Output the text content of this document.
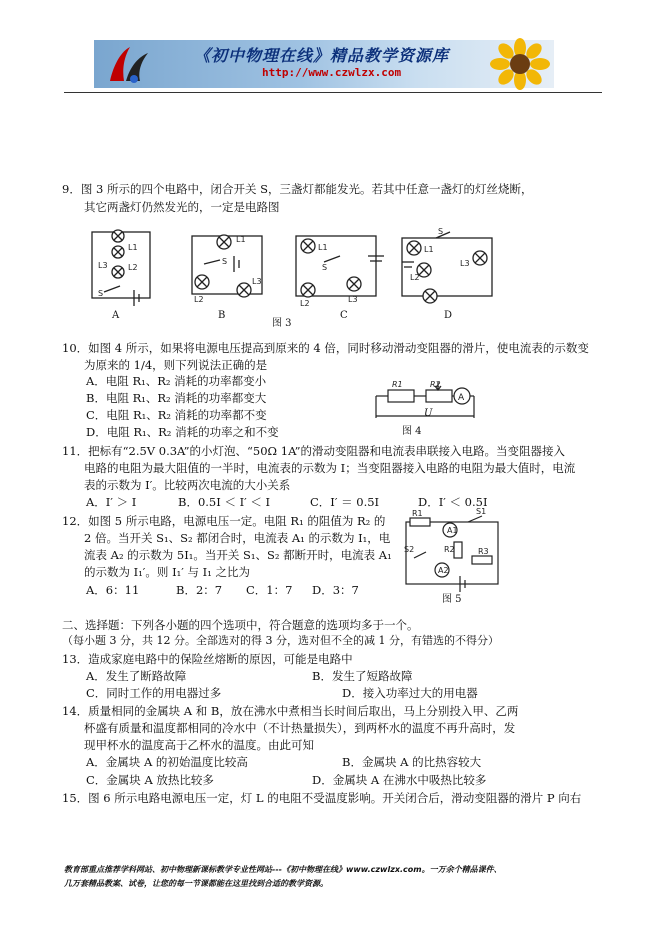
《初中物理在线》精品教学资源库
http://www.czwlzx.com
9．图 3 所示的四个电路中，闭合开关 S，三盏灯都能发光。若其中任意一盏灯的灯丝烧断，
其它两盏灯仍然发光的，一定是电路图
L1
L2
L3
S
S
L2
L3
L1
L1
L2	L3
S
L1
L2
L3
S
A	B	C	D
图 3
10．如图 4 所示，如果将电源电压提高到原来的 4 倍，同时移动滑动变阻器的滑片，使电流表的示数变
为原来的 1/4，则下列说法正确的是
A．电阻 R₁、R₂ 消耗的功率都变小
B．电阻 R₁、R₂ 消耗的功率都变大
C．电阻 R₁、R₂ 消耗的功率都不变
D．电阻 R₁、R₂ 消耗的功率之和不变
A
R1	R2
U
图 4
11．把标有“2.5V 0.3A”的小灯泡、“50Ω 1A”的滑动变阻器和电流表串联接入电路。当变阻器接入
电路的电阻为最大阻值的一半时，电流表的示数为 I；当变阻器接入电路的电阻为最大值时，电流
表的示数为 I′。比较两次电流的大小关系
A．I′ ＞ I	B．0.5I ＜ I′ ＜ I	C．I′ ＝ 0.5I	D．I′ ＜ 0.5I
12．如图 5 所示电路，电源电压一定。电阻 R₁ 的阻值为 R₂ 的
2 倍。当开关 S₁、S₂ 都闭合时，电流表 A₁ 的示数为 I₁，电
流表 A₂ 的示数为 5I₁。当开关 S₁、S₂ 都断开时，电流表 A₁
的示数为 I₁′。则 I₁′ 与 I₁ 之比为
A．6：11	B．2：7 C．1：7 D．3：7
R1
A1
S1
R2	R3
S2
A2
图 5
二、选择题：下列各小题的四个选项中，符合题意的选项均多于一个。
（每小题 3 分，共 12 分。全部选对的得 3 分，选对但不全的减 1 分，有错选的不得分）
13．造成家庭电路中的保险丝熔断的原因，可能是电路中
A．发生了断路故障	B．发生了短路故障
C．同时工作的用电器过多	D．接入功率过大的用电器
14．质量相同的金属块 A 和 B，放在沸水中煮相当长时间后取出，马上分别投入甲、乙两
杯盛有质量和温度都相同的冷水中（不计热量损失），到两杯水的温度不再升高时，发
现甲杯水的温度高于乙杯水的温度。由此可知
A．金属块 A 的初始温度比较高	B．金属块 A 的比热容较大
C．金属块 A 放热比较多	D．金属块 A 在沸水中吸热比较多
15．图 6 所示电路电源电压一定，灯 L 的电阻不受温度影响。开关闭合后，滑动变阻器的滑片 P 向右
教育部重点推荐学科网站、初中物理新课标教学专业性网站---《初中物理在线》www.czwlzx.com。一万余个精品课件、
几万套精品教案、试卷，让您的每一节课都能在这里找到合适的教学资源。
